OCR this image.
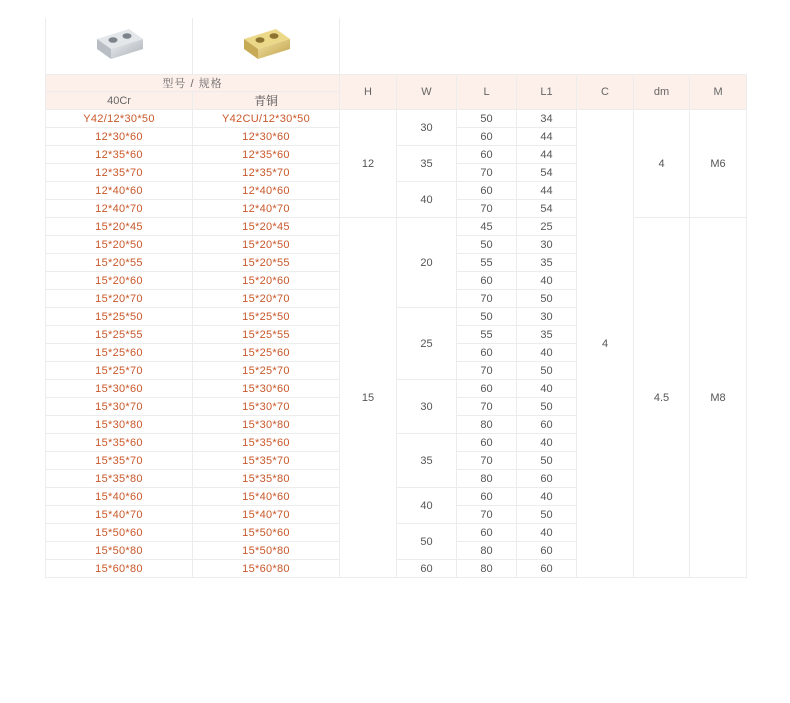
型号 / 规格		H	W	L	L1	C	dm	M
40Cr	青铜							
Y42/12*30*50	Y42CU/12*30*50	12	30	50	34	4	4	M6
12*30*60	12*30*60			60	44			
12*35*60	12*35*60		35	60	44			
12*35*70	12*35*70			70	54			
12*40*60	12*40*60		40	60	44			
12*40*70	12*40*70			70	54			
15*20*45	15*20*45	15	20	45	25		4.5	M8
15*20*50	15*20*50			50	30			
15*20*55	15*20*55			55	35			
15*20*60	15*20*60			60	40			
15*20*70	15*20*70			70	50			
15*25*50	15*25*50		25	50	30			
15*25*55	15*25*55			55	35			
15*25*60	15*25*60			60	40			
15*25*70	15*25*70			70	50			
15*30*60	15*30*60		30	60	40			
15*30*70	15*30*70			70	50			
15*30*80	15*30*80			80	60			
15*35*60	15*35*60		35	60	40			
15*35*70	15*35*70			70	50			
15*35*80	15*35*80			80	60			
15*40*60	15*40*60		40	60	40			
15*40*70	15*40*70			70	50			
15*50*60	15*50*60		50	60	40			
15*50*80	15*50*80			80	60			
15*60*80	15*60*80		60	80	60			
